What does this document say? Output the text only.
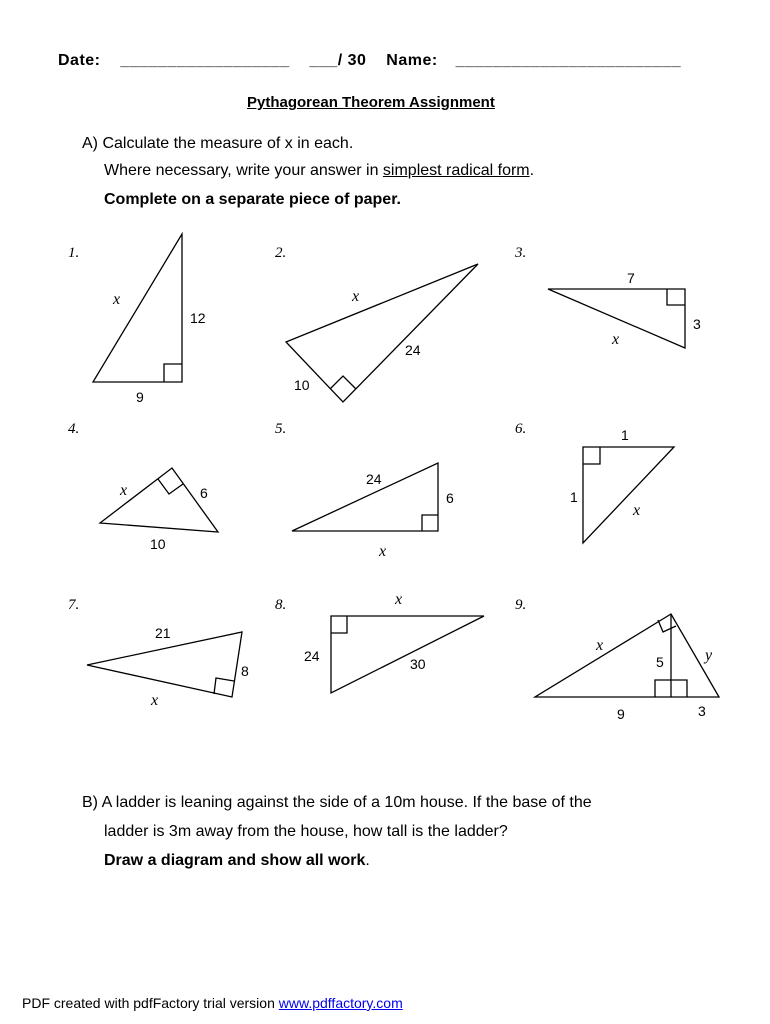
Date: __________________ ___/ 30 Name: ________________________
Pythagorean Theorem Assignment
A) Calculate the measure of x in each.
Where necessary, write your answer in simplest radical form.
Complete on a separate piece of paper.
1.	2.	3.
4.	5.	6.
7.	8.	9.
x
12
9
x
24
10
7
3
x
x	6
10
24
6
x
1
1
x
21
8
x
x
24	30
x
5	y
9	3
B) A ladder is leaning against the side of a 10m house. If the base of the
ladder is 3m away from the house, how tall is the ladder?
Draw a diagram and show all work.
PDF created with pdfFactory trial version www.pdffactory.com
